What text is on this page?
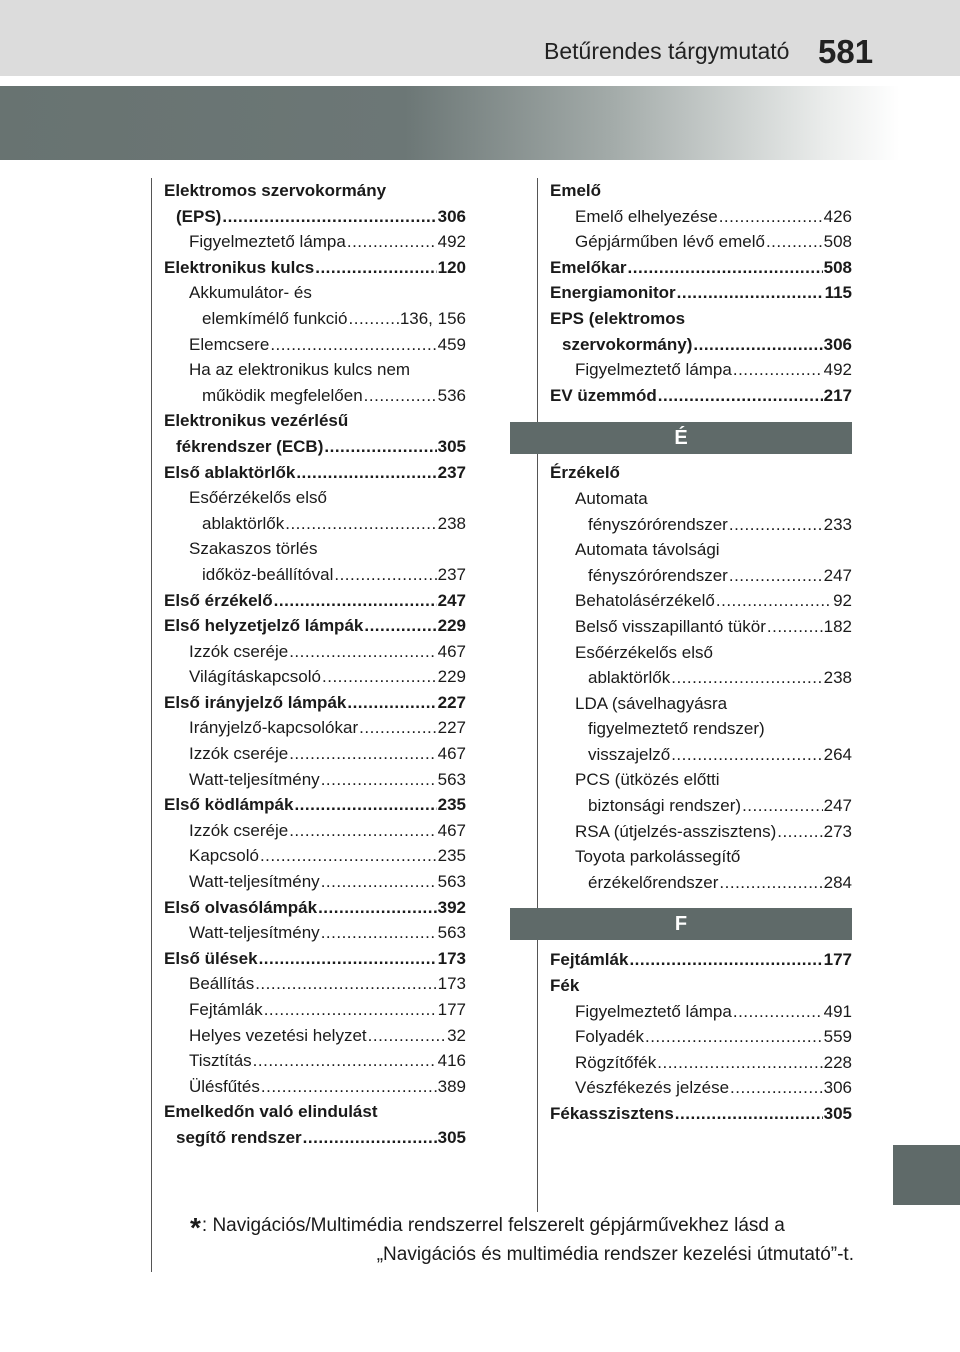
Betűrendes tárgymutató 581
Elektromos szervokormány
(EPS) .....	306
Figyelmeztető lámpa .....	492
Elektronikus kulcs .....	120
Akkumulátor- és
elemkímélő funkció .....	136, 156
Elemcsere .....	459
Ha az elektronikus kulcs nem
működik megfelelően .....	536
Elektronikus vezérlésű
fékrendszer (ECB) .....	305
Első ablaktörlők .....	237
Esőérzékelős első
ablaktörlők .....	238
Szakaszos törlés
időköz-beállítóval .....	237
Első érzékelő .....	247
Első helyzetjelző lámpák .....	229
Izzók cseréje .....	467
Világításkapcsoló .....	229
Első irányjelző lámpák .....	227
Irányjelző-kapcsolókar .....	227
Izzók cseréje .....	467
Watt-teljesítmény .....	563
Első ködlámpák .....	235
Izzók cseréje .....	467
Kapcsoló .....	235
Watt-teljesítmény .....	563
Első olvasólámpák .....	392
Watt-teljesítmény .....	563
Első ülések .....	173
Beállítás .....	173
Fejtámlák .....	177
Helyes vezetési helyzet .....	32
Tisztítás .....	416
Ülésfűtés .....	389
Emelkedőn való elindulást
segítő rendszer .....	305
Emelő
Emelő elhelyezése .....	426
Gépjárműben lévő emelő .....	508
Emelőkar .....	508
Energiamonitor .....	115
EPS (elektromos
szervokormány) .....	306
Figyelmeztető lámpa .....	492
EV üzemmód .....	217
É
Érzékelő
Automata
fényszórórendszer .....	233
Automata távolsági
fényszórórendszer .....	247
Behatolásérzékelő .....	92
Belső visszapillantó tükör .....	182
Esőérzékelős első
ablaktörlők .....	238
LDA (sávelhagyásra
figyelmeztető rendszer)
visszajelző .....	264
PCS (ütközés előtti
biztonsági rendszer) .....	247
RSA (útjelzés-asszisztens) .....	273
Toyota parkolássegítő
érzékelőrendszer .....	284
F
Fejtámlák .....	177
Fék
Figyelmeztető lámpa .....	491
Folyadék .....	559
Rögzítőfék .....	228
Vészfékezés jelzése .....	306
Fékasszisztens .....	305
*: Navigációs/Multimédia rendszerrel felszerelt gépjárművekhez lásd a
„Navigációs és multimédia rendszer kezelési útmutató”-t.
